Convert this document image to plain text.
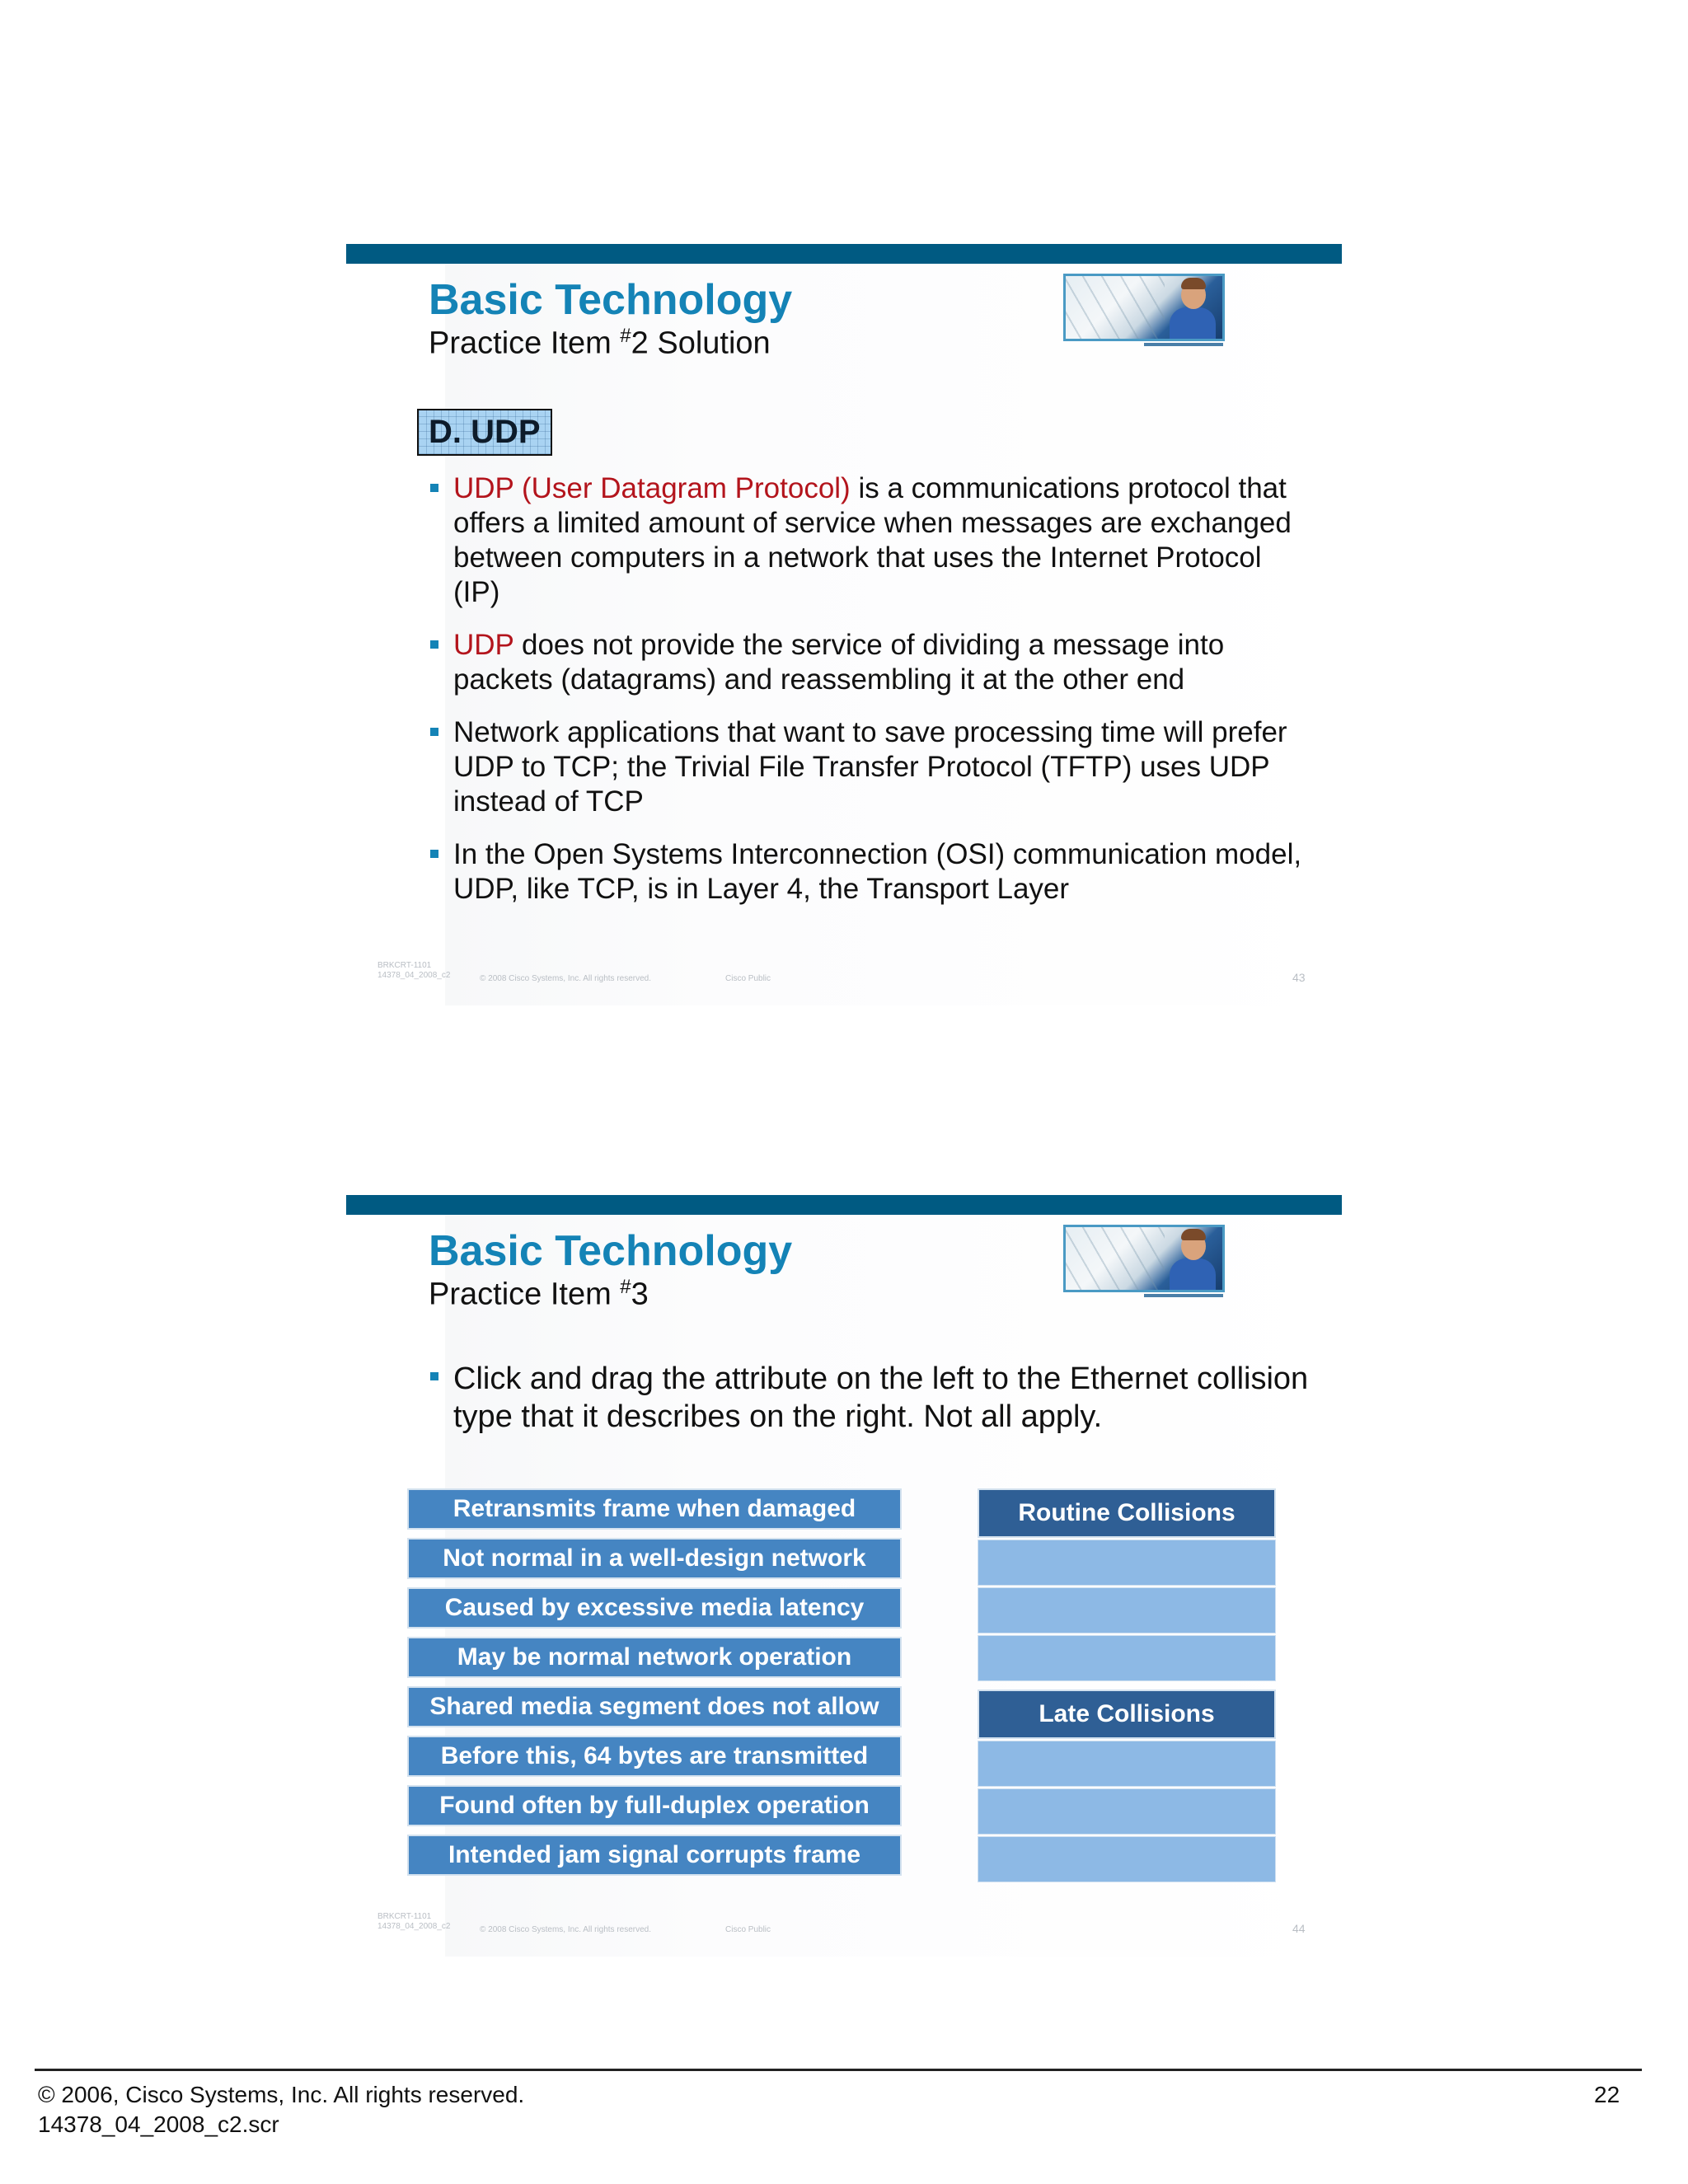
Basic Technology
Practice Item #2 Solution
D. UDP
UDP (User Datagram Protocol) is a communications protocol that offers a limited amount of service when messages are exchanged between computers in a network that uses the Internet Protocol (IP)
UDP does not provide the service of dividing a message into packets (datagrams) and reassembling it at the other end
Network applications that want to save processing time will prefer UDP to TCP; the Trivial File Transfer Protocol (TFTP) uses UDP instead of TCP
In the Open Systems Interconnection (OSI) communication model, UDP, like TCP, is in Layer 4, the Transport Layer
BRKCRT-1101
14378_04_2008_c2	© 2008 Cisco Systems, Inc. All rights reserved.	Cisco Public	43
Basic Technology
Practice Item #3
Click and drag the attribute on the left to the Ethernet collision type that it describes on the right. Not all apply.
Retransmits frame when damaged
Not normal in a well-design network
Caused by excessive media latency
May be normal network operation
Shared media segment does not allow
Before this, 64 bytes are transmitted
Found often by full-duplex operation
Intended jam signal corrupts frame
Routine Collisions
Late Collisions
BRKCRT-1101
14378_04_2008_c2	© 2008 Cisco Systems, Inc. All rights reserved.	Cisco Public	44
© 2006, Cisco Systems, Inc. All rights reserved.
14378_04_2008_c2.scr
22
